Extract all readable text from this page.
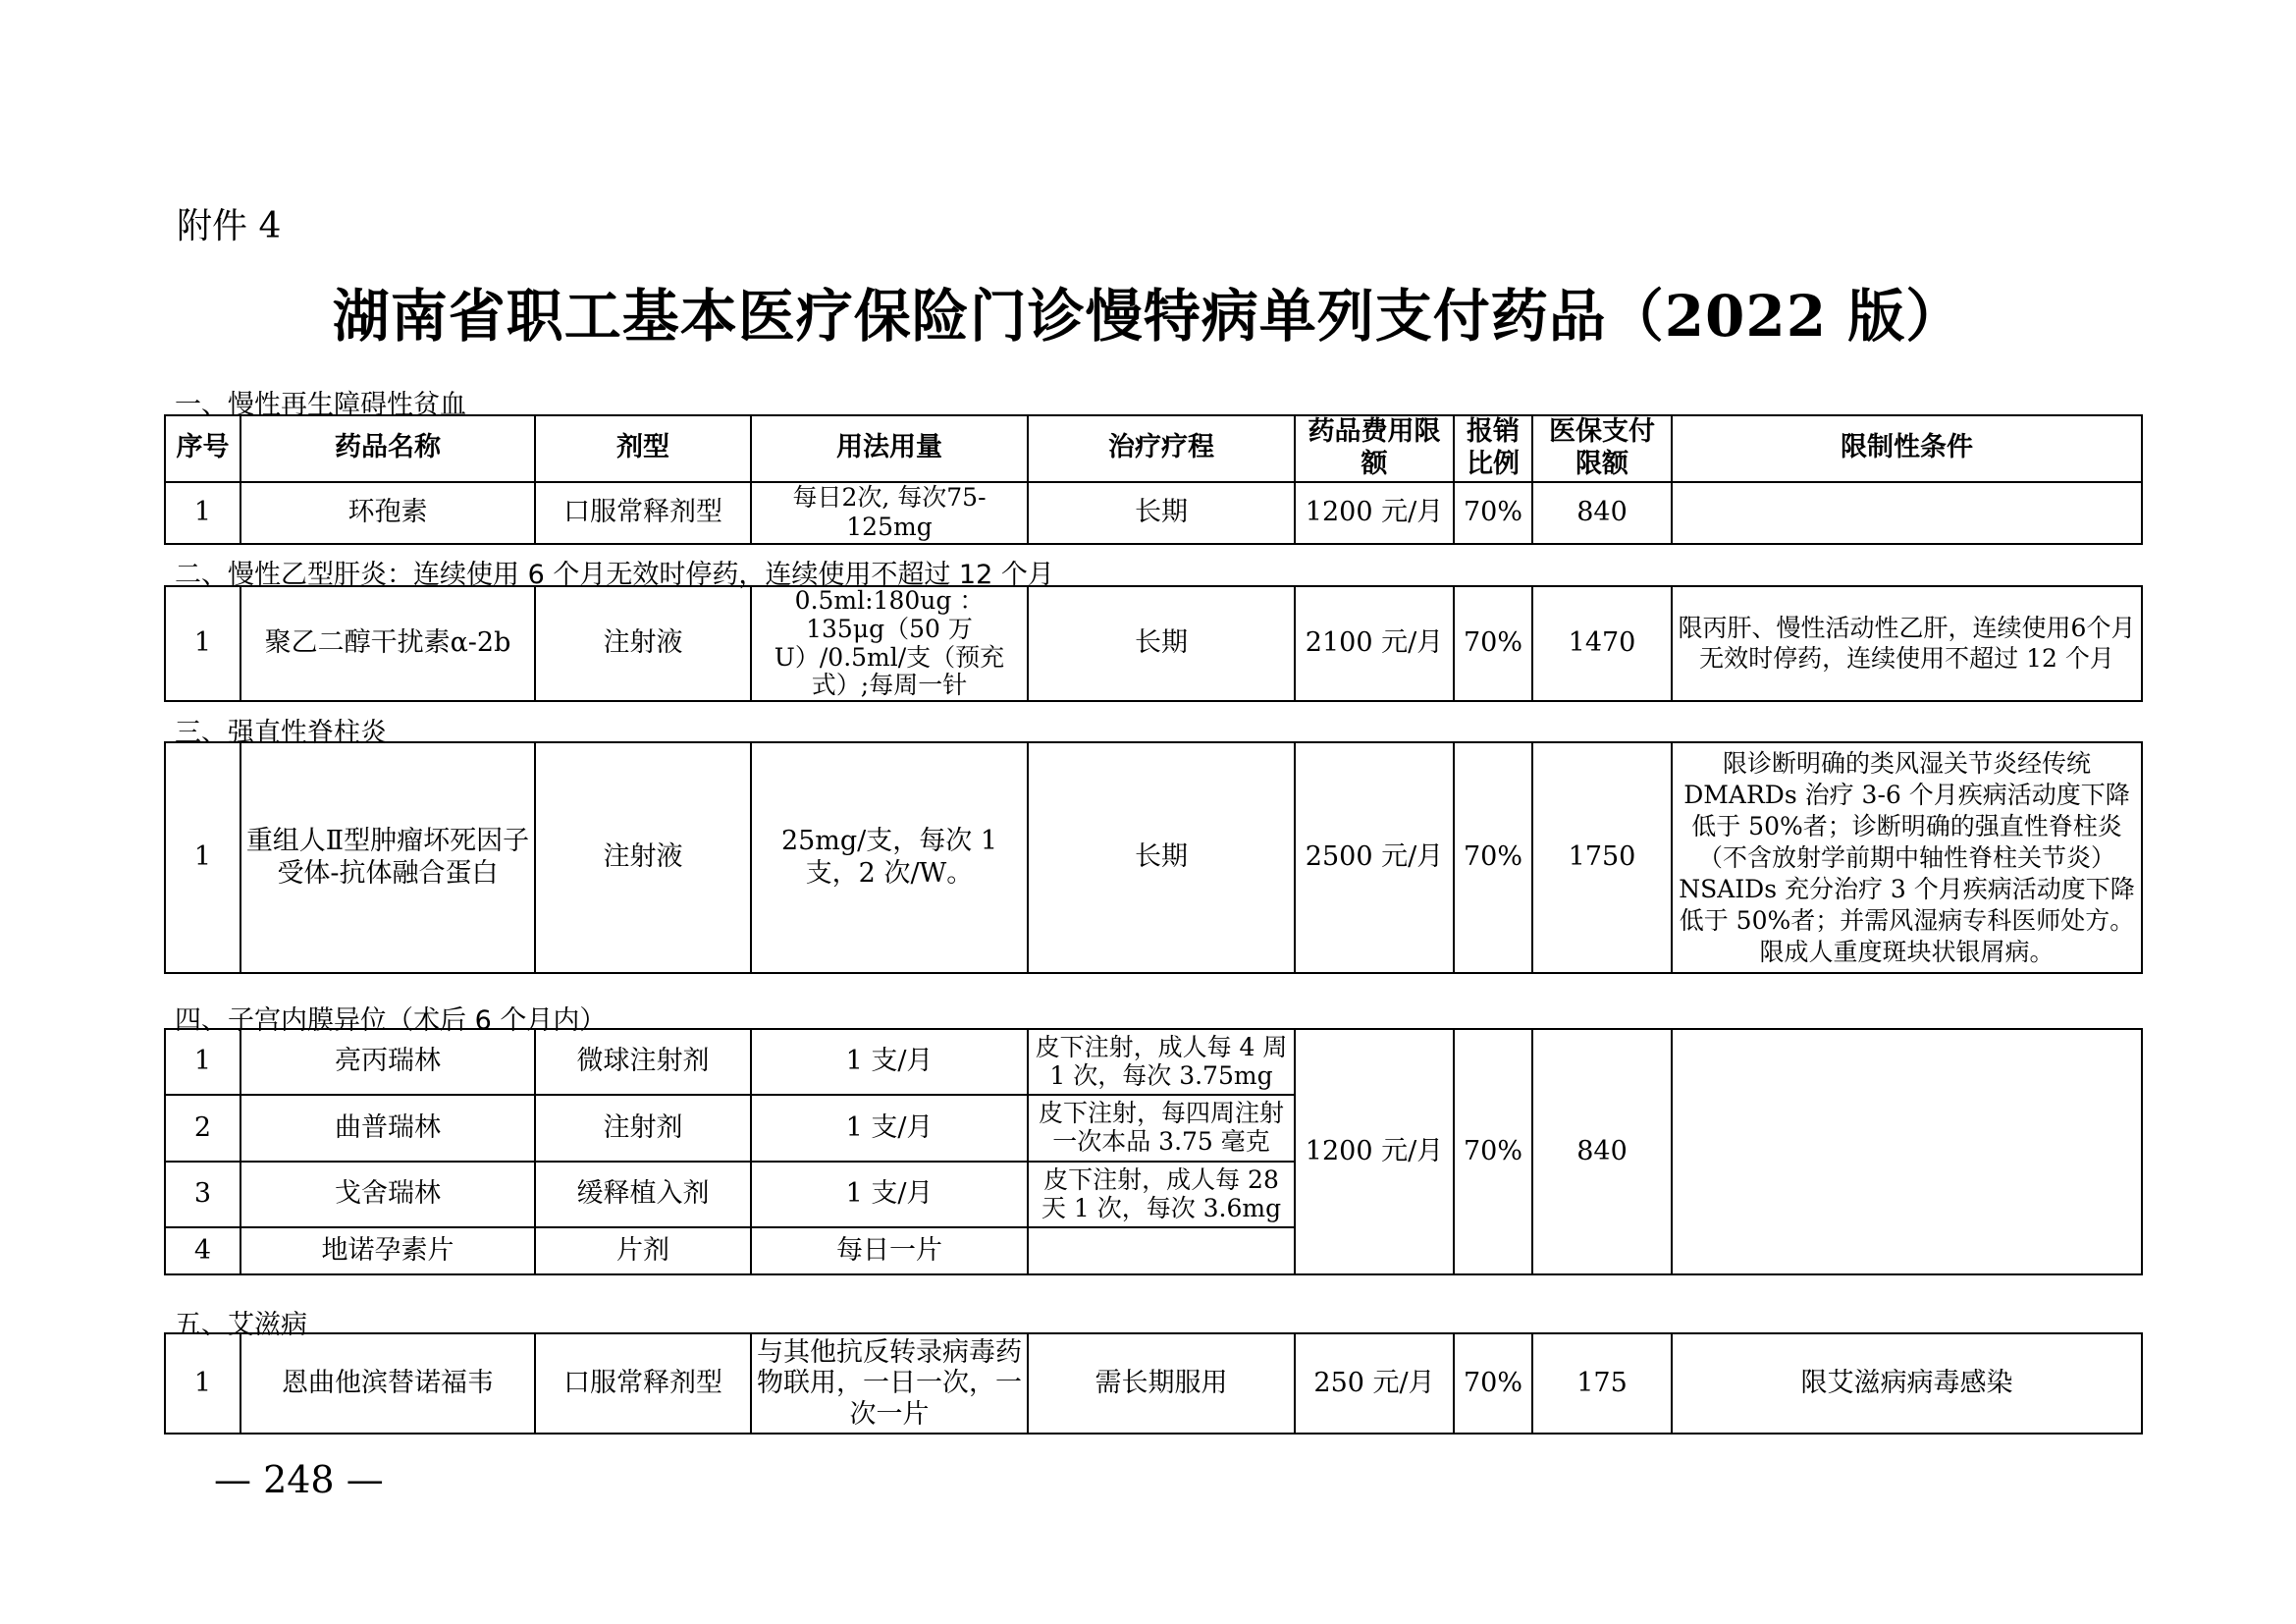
附件 4
湖南省职工基本医疗保险门诊慢特病单列支付药品（2022 版）
一、慢性再生障碍性贫血
序号	药品名称	剂型	用法用量	治疗疗程	药品费用限额	报销比例	医保支付限额	限制性条件
1	环孢素	口服常释剂型	每日2次, 每次75-125mg	长期	1200 元/月	70%	840	
二、慢性乙型肝炎：连续使用 6 个月无效时停药，连续使用不超过 12 个月
1	聚乙二醇干扰素α-2b	注射液	0.5ml:180ug ： 135μg（50 万 U）/0.5ml/支（预充式）;每周一针	长期	2100 元/月	70%	1470	限丙肝、慢性活动性乙肝，连续使用6个月无效时停药，连续使用不超过 12 个月
三、强直性脊柱炎
1	重组人Ⅱ型肿瘤坏死因子受体-抗体融合蛋白	注射液	25mg/支，每次 1 支，2 次/W。	长期	2500 元/月	70%	1750	限诊断明确的类风湿关节炎经传统 DMARDs 治疗 3-6 个月疾病活动度下降低于 50%者；诊断明确的强直性脊柱炎（不含放射学前期中轴性脊柱关节炎）NSAIDs 充分治疗 3 个月疾病活动度下降低于 50%者；并需风湿病专科医师处方。限成人重度斑块状银屑病。
四、子宫内膜异位（术后 6 个月内）
1	亮丙瑞林	微球注射剂	1 支/月	皮下注射，成人每 4 周 1 次，每次 3.75mg	1200 元/月	70%	840	
2	曲普瑞林	注射剂	1 支/月	皮下注射，每四周注射一次本品 3.75 毫克				
3	戈舍瑞林	缓释植入剂	1 支/月	皮下注射，成人每 28 天 1 次，每次 3.6mg				
4	地诺孕素片	片剂	每日一片					
五、艾滋病
1	恩曲他滨替诺福韦	口服常释剂型	与其他抗反转录病毒药物联用，一日一次，一次一片	需长期服用	250 元/月	70%	175	限艾滋病病毒感染
— 248 —
